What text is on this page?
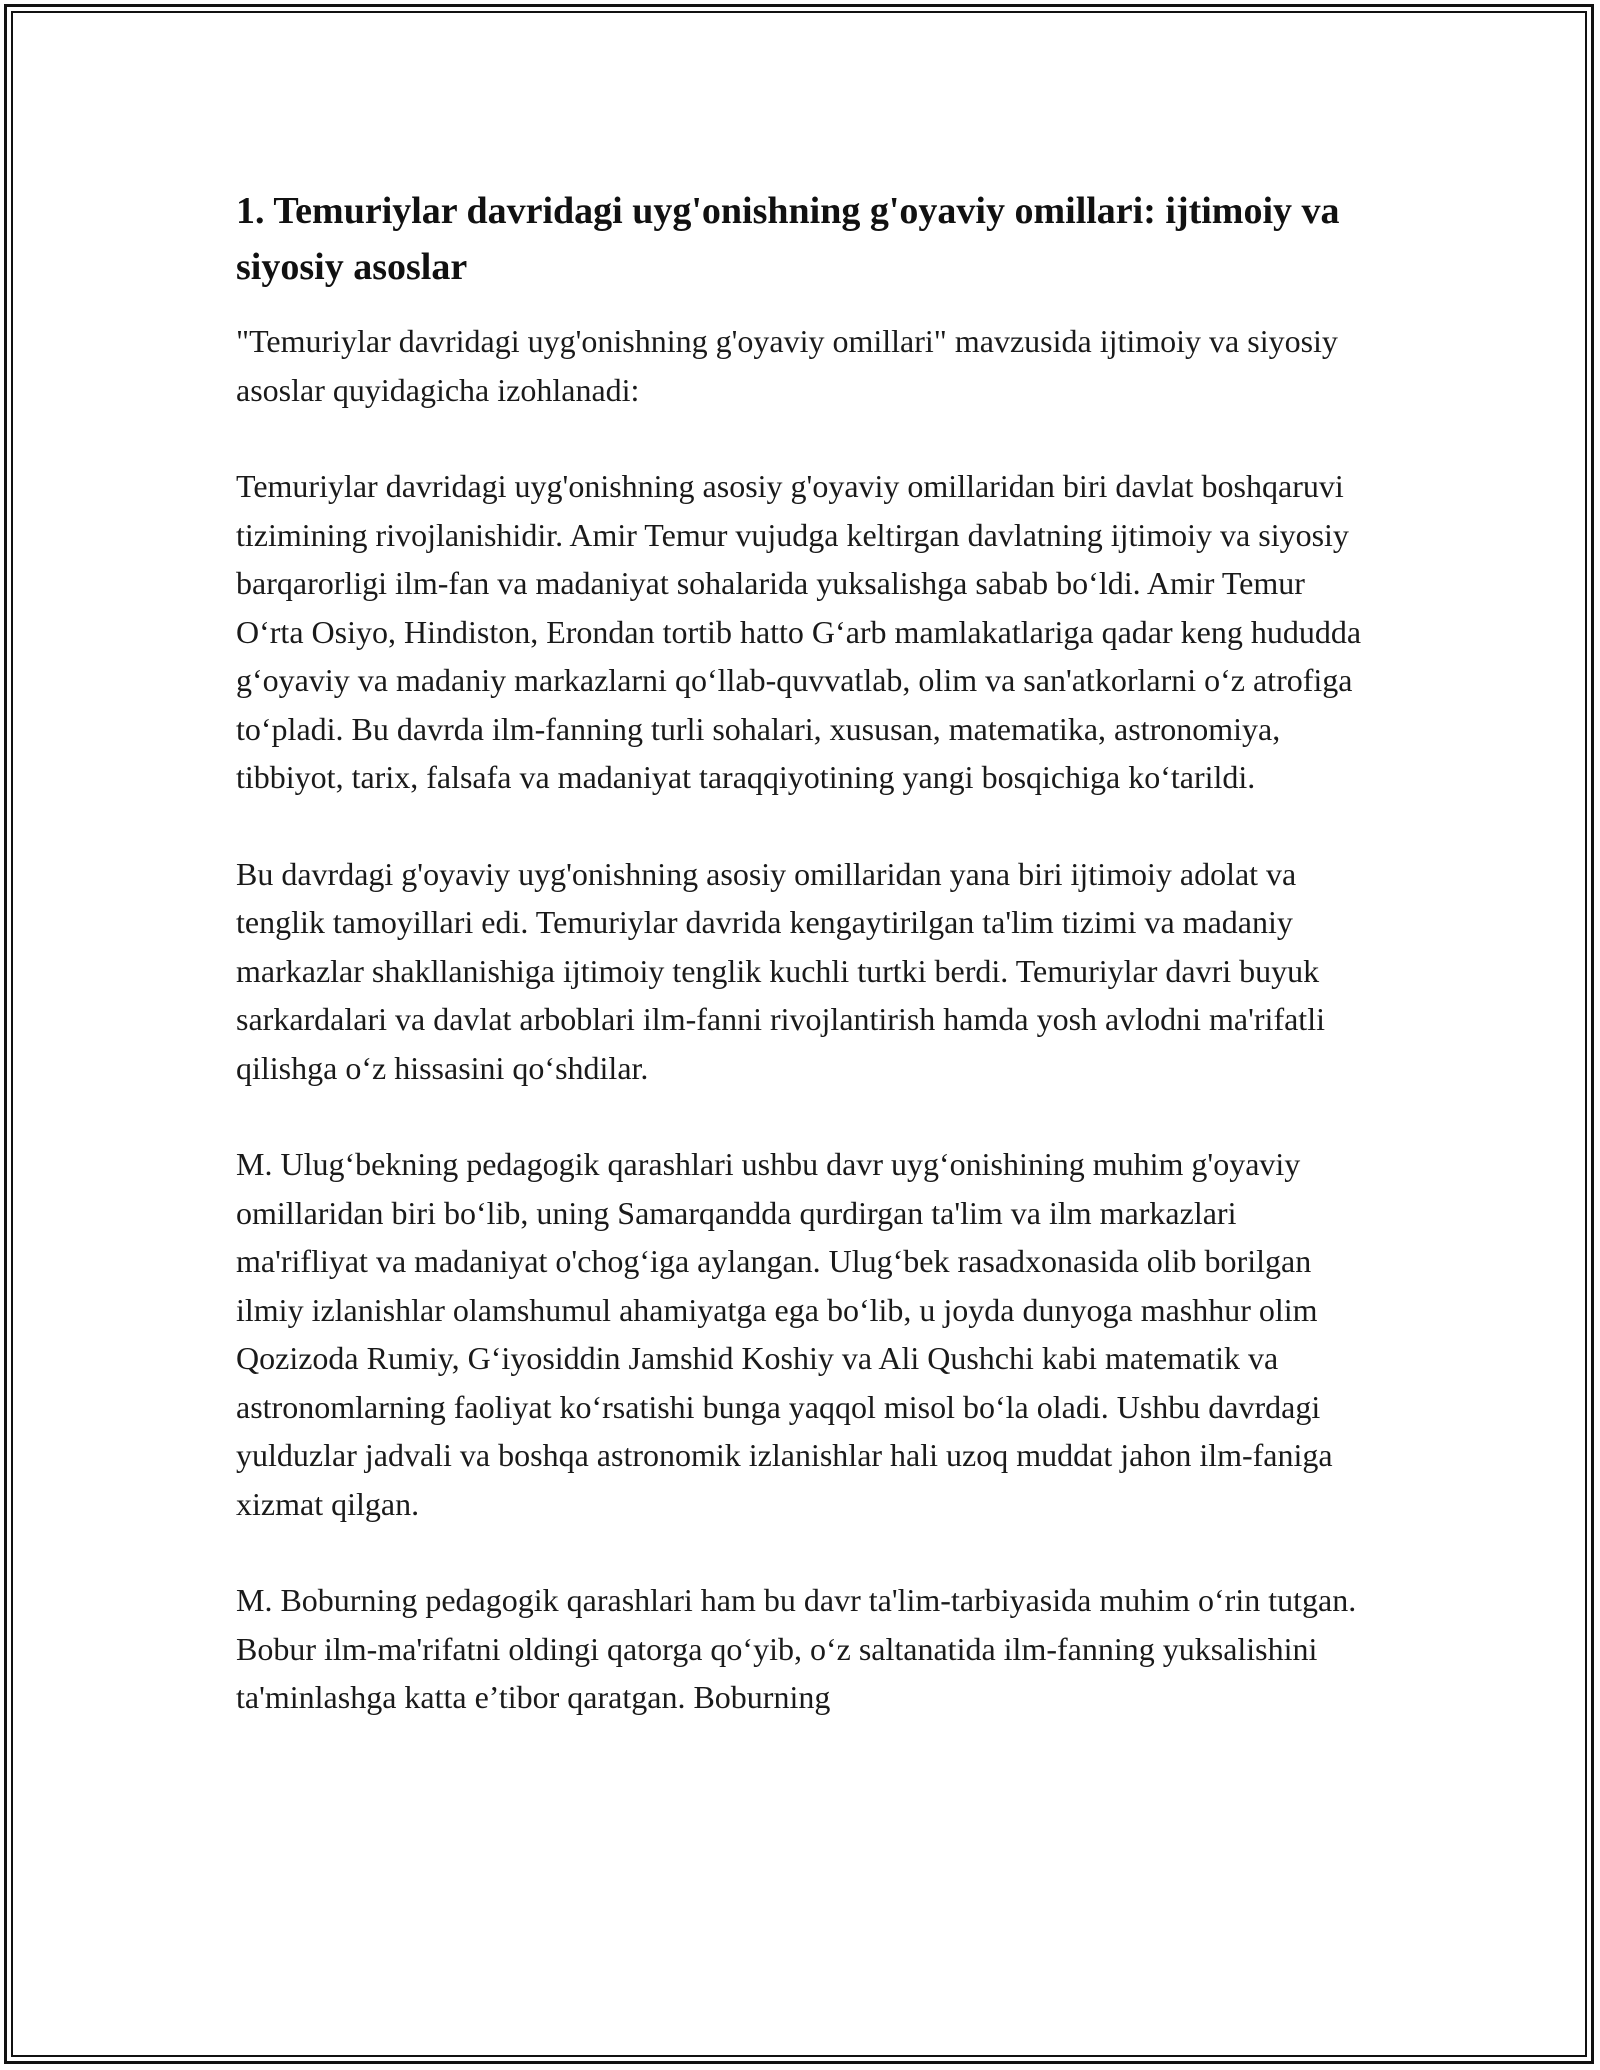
1. Temuriylar davridagi uyg'onishning g'oyaviy omillari: ijtimoiy va siyosiy asoslar

"Temuriylar davridagi uyg'onishning g'oyaviy omillari" mavzusida ijtimoiy va siyosiy asoslar quyidagicha izohlanadi:

Temuriylar davridagi uyg'onishning asosiy g'oyaviy omillaridan biri davlat boshqaruvi tizimining rivojlanishidir. Amir Temur vujudga keltirgan davlatning ijtimoiy va siyosiy barqarorligi ilm-fan va madaniyat sohalarida yuksalishga sabab bo‘ldi. Amir Temur O‘rta Osiyo, Hindiston, Erondan tortib hatto G‘arb mamlakatlariga qadar keng hududda g‘oyaviy va madaniy markazlarni qo‘llab-quvvatlab, olim va san'atkorlarni o‘z atrofiga to‘pladi. Bu davrda ilm-fanning turli sohalari, xususan, matematika, astronomiya, tibbiyot, tarix, falsafa va madaniyat taraqqiyotining yangi bosqichiga ko‘tarildi.

Bu davrdagi g'oyaviy uyg'onishning asosiy omillaridan yana biri ijtimoiy adolat va tenglik tamoyillari edi. Temuriylar davrida kengaytirilgan ta'lim tizimi va madaniy markazlar shakllanishiga ijtimoiy tenglik kuchli turtki berdi. Temuriylar davri buyuk sarkardalari va davlat arboblari ilm-fanni rivojlantirish hamda yosh avlodni ma'rifatli qilishga o‘z hissasini qo‘shdilar.

M. Ulug‘bekning pedagogik qarashlari ushbu davr uyg‘onishining muhim g'oyaviy omillaridan biri bo‘lib, uning Samarqandda qurdirgan ta'lim va ilm markazlari ma'rifliyat va madaniyat o'chog‘iga aylangan. Ulug‘bek rasadxonasida olib borilgan ilmiy izlanishlar olamshumul ahamiyatga ega bo‘lib, u joyda dunyoga mashhur olim Qozizoda Rumiy, G‘iyosiddin Jamshid Koshiy va Ali Qushchi kabi matematik va astronomlarning faoliyat ko‘rsatishi bunga yaqqol misol bo‘la oladi. Ushbu davrdagi yulduzlar jadvali va boshqa astronomik izlanishlar hali uzoq muddat jahon ilm-faniga xizmat qilgan.

M. Boburning pedagogik qarashlari ham bu davr ta'lim-tarbiyasida muhim o‘rin tutgan. Bobur ilm-ma'rifatni oldingi qatorga qo‘yib, o‘z saltanatida ilm-fanning yuksalishini ta'minlashga katta e’tibor qaratgan. Boburning
